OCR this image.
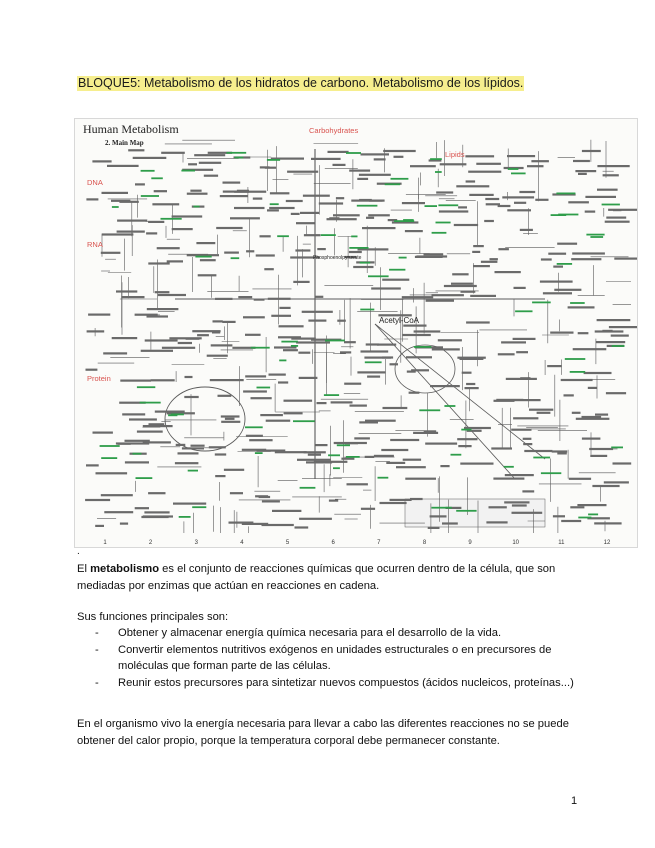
BLOQUE5: Metabolismo de los hidratos de carbono. Metabolismo de los lípidos.
Human Metabolism
2. Main Map
Carbohydrates
Lipids
DNA
RNA
Protein
Acetyl-CoA
Phosphoenolpyruvate
1	2	3	4	5	6	7	8	9	10	11	12
.
El metabolismo es el conjunto de reacciones químicas que ocurren dentro de la célula, que son mediadas por enzimas que actúan en reacciones en cadena.
Sus funciones principales son:
- Obtener y almacenar energía química necesaria para el desarrollo de la vida.
- Convertir elementos nutritivos exógenos en unidades estructurales o en precursores de moléculas que forman parte de las células.
- Reunir estos precursores para sintetizar nuevos compuestos (ácidos nucleicos, proteínas...)
En el organismo vivo la energía necesaria para llevar a cabo las diferentes reacciones no se puede obtener del calor propio, porque la temperatura corporal debe permanecer constante.
1
